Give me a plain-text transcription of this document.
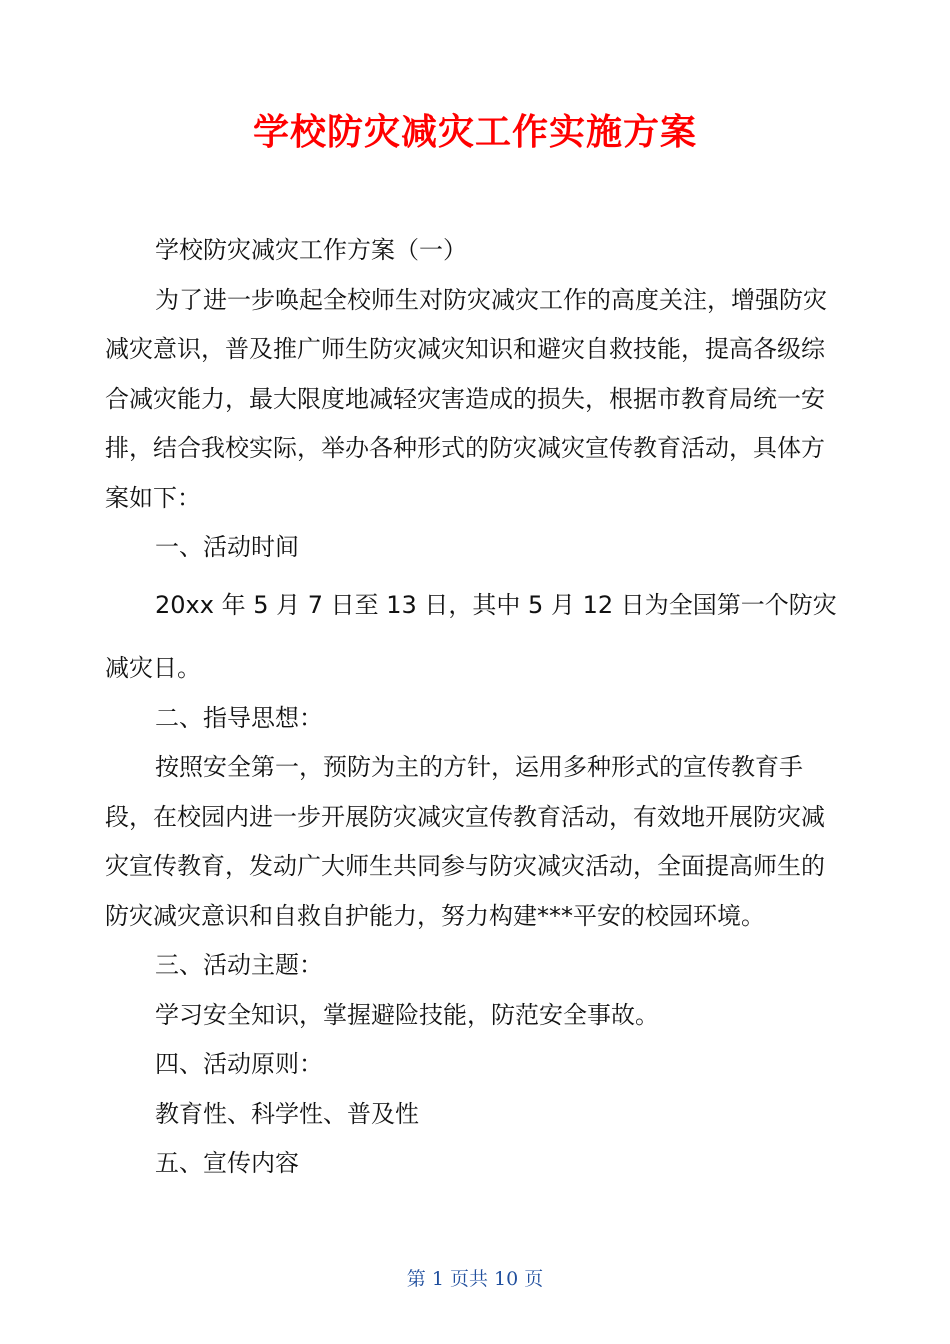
学校防灾减灾工作实施方案

学校防灾减灾工作方案（一）

为了进一步唤起全校师生对防灾减灾工作的高度关注，增强防灾减灾意识，普及推广师生防灾减灾知识和避灾自救技能，提高各级综合减灾能力，最大限度地减轻灾害造成的损失，根据市教育局统一安排，结合我校实际，举办各种形式的防灾减灾宣传教育活动，具体方案如下：

一、活动时间

20xx 年 5 月 7 日至 13 日，其中 5 月 12 日为全国第一个防灾

减灾日。

二、指导思想：

按照安全第一，预防为主的方针，运用多种形式的宣传教育手段，在校园内进一步开展防灾减灾宣传教育活动，有效地开展防灾减灾宣传教育，发动广大师生共同参与防灾减灾活动，全面提高师生的防灾减灾意识和自救自护能力，努力构建***平安的校园环境。

三、活动主题：

学习安全知识，掌握避险技能，防范安全事故。

四、活动原则：

教育性、科学性、普及性

五、宣传内容

第 1 页共 10 页
